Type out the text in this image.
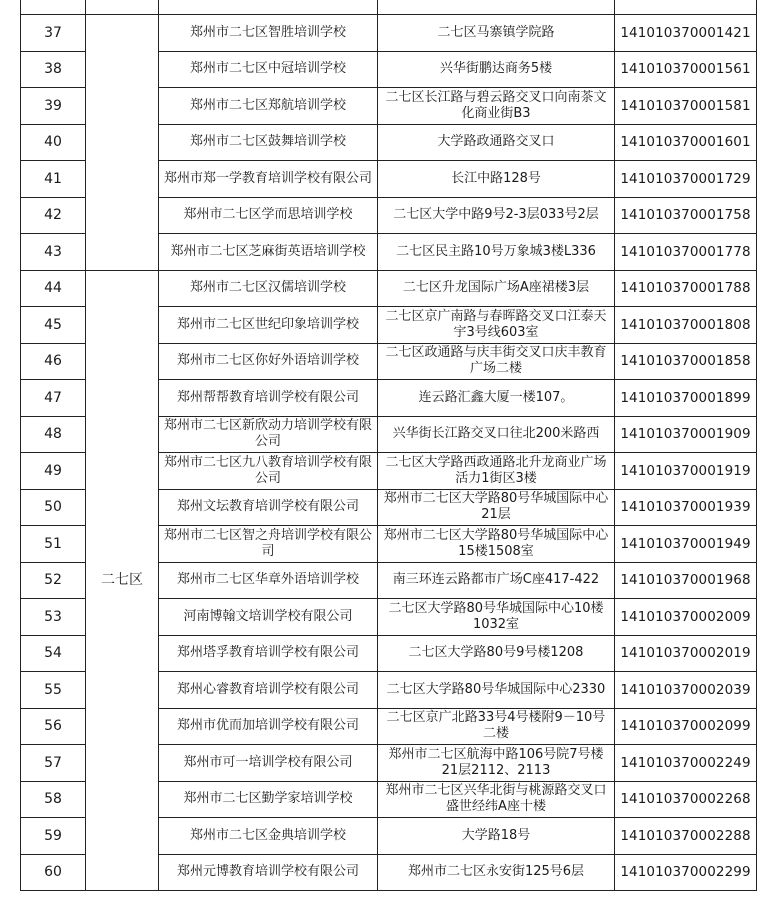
37		郑州市二七区智胜培训学校	二七区马寨镇学院路	141010370001421
38		郑州市二七区中冠培训学校	兴华街鹏达商务5楼	141010370001561
39		郑州市二七区郑航培训学校	二七区长江路与碧云路交叉口向南茶文化商业街B3	141010370001581
40		郑州市二七区鼓舞培训学校	大学路政通路交叉口	141010370001601
41		郑州市郑一学教育培训学校有限公司	长江中路128号	141010370001729
42		郑州市二七区学而思培训学校	二七区大学中路9号2-3层033号2层	141010370001758
43		郑州市二七区芝麻街英语培训学校	二七区民主路10号万象城3楼L336	141010370001778
44	二七区	郑州市二七区汉儒培训学校	二七区升龙国际广场A座裙楼3层	141010370001788
45		郑州市二七区世纪印象培训学校	二七区京广南路与春晖路交叉口江泰天宇3号线603室	141010370001808
46		郑州市二七区你好外语培训学校	二七区政通路与庆丰街交叉口庆丰教育广场二楼	141010370001858
47		郑州帮帮教育培训学校有限公司	连云路汇鑫大厦一楼107。	141010370001899
48		郑州市二七区新欣动力培训学校有限公司	兴华街长江路交叉口往北200米路西	141010370001909
49		郑州市二七区九八教育培训学校有限公司	二七区大学路西政通路北升龙商业广场活力1街区3楼	141010370001919
50		郑州文坛教育培训学校有限公司	郑州市二七区大学路80号华城国际中心21层	141010370001939
51		郑州市二七区智之舟培训学校有限公司	郑州市二七区大学路80号华城国际中心15楼1508室	141010370001949
52		郑州市二七区华章外语培训学校	南三环连云路都市广场C座417-422	141010370001968
53		河南博翰文培训学校有限公司	二七区大学路80号华城国际中心10楼1032室	141010370002009
54		郑州塔孚教育培训学校有限公司	二七区大学路80号9号楼1208	141010370002019
55		郑州心睿教育培训学校有限公司	二七区大学路80号华城国际中心2330	141010370002039
56		郑州市优而加培训学校有限公司	二七区京广北路33号4号楼附9－10号二楼	141010370002099
57		郑州市可一培训学校有限公司	郑州市二七区航海中路106号院7号楼21层2112、2113	141010370002249
58		郑州市二七区勤学家培训学校	郑州市二七区兴华北街与桃源路交叉口盛世经纬A座十楼	141010370002268
59		郑州市二七区金典培训学校	大学路18号	141010370002288
60		郑州元博教育培训学校有限公司	郑州市二七区永安街125号6层	141010370002299
